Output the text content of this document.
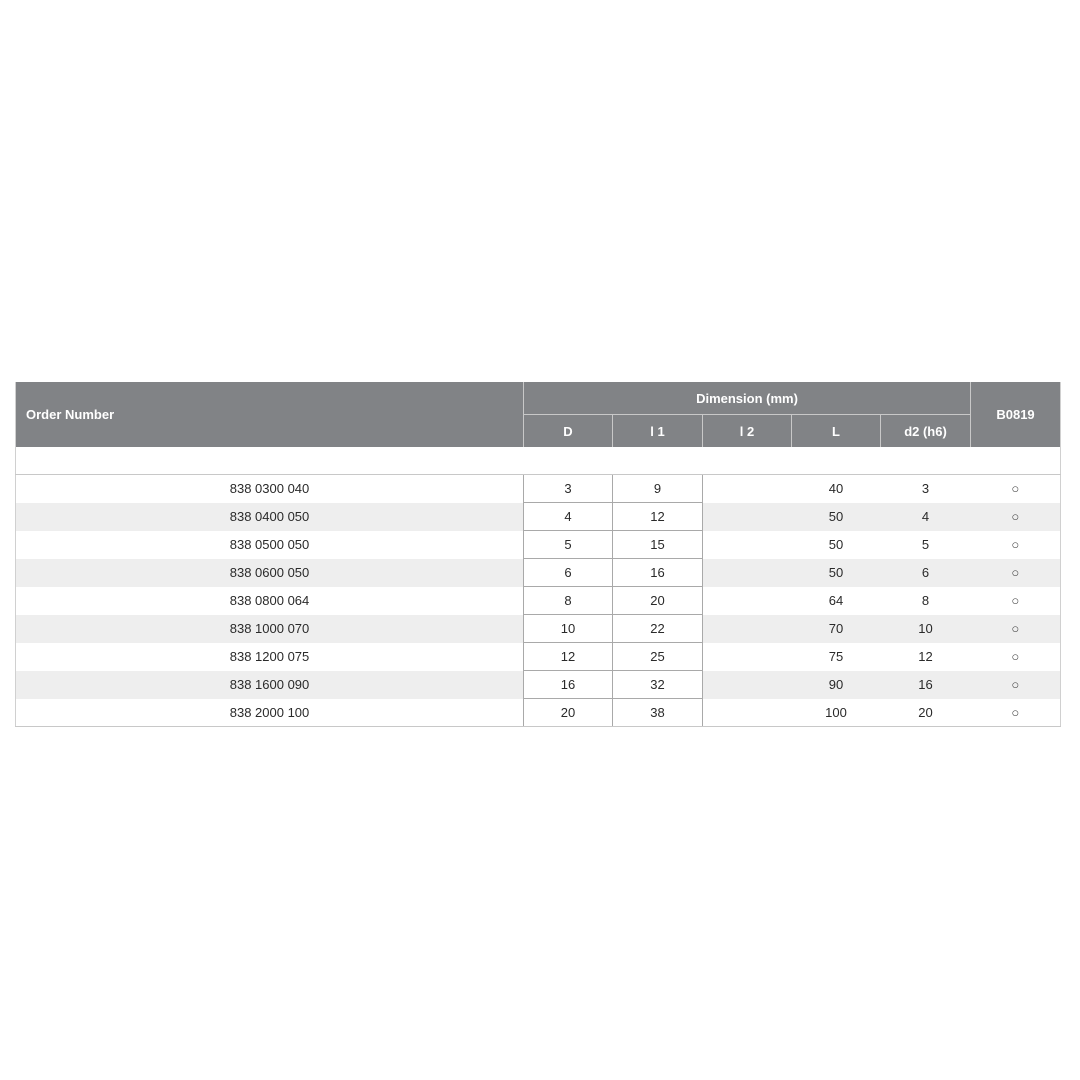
Order Number	Dimension (mm)					B0819
	D	l 1	l 2	L	d2 (h6)	

838 0300 040	3	9		40	3	○
838 0400 050	4	12		50	4	○
838 0500 050	5	15		50	5	○
838 0600 050	6	16		50	6	○
838 0800 064	8	20		64	8	○
838 1000 070	10	22		70	10	○
838 1200 075	12	25		75	12	○
838 1600 090	16	32		90	16	○
838 2000 100	20	38		100	20	○
